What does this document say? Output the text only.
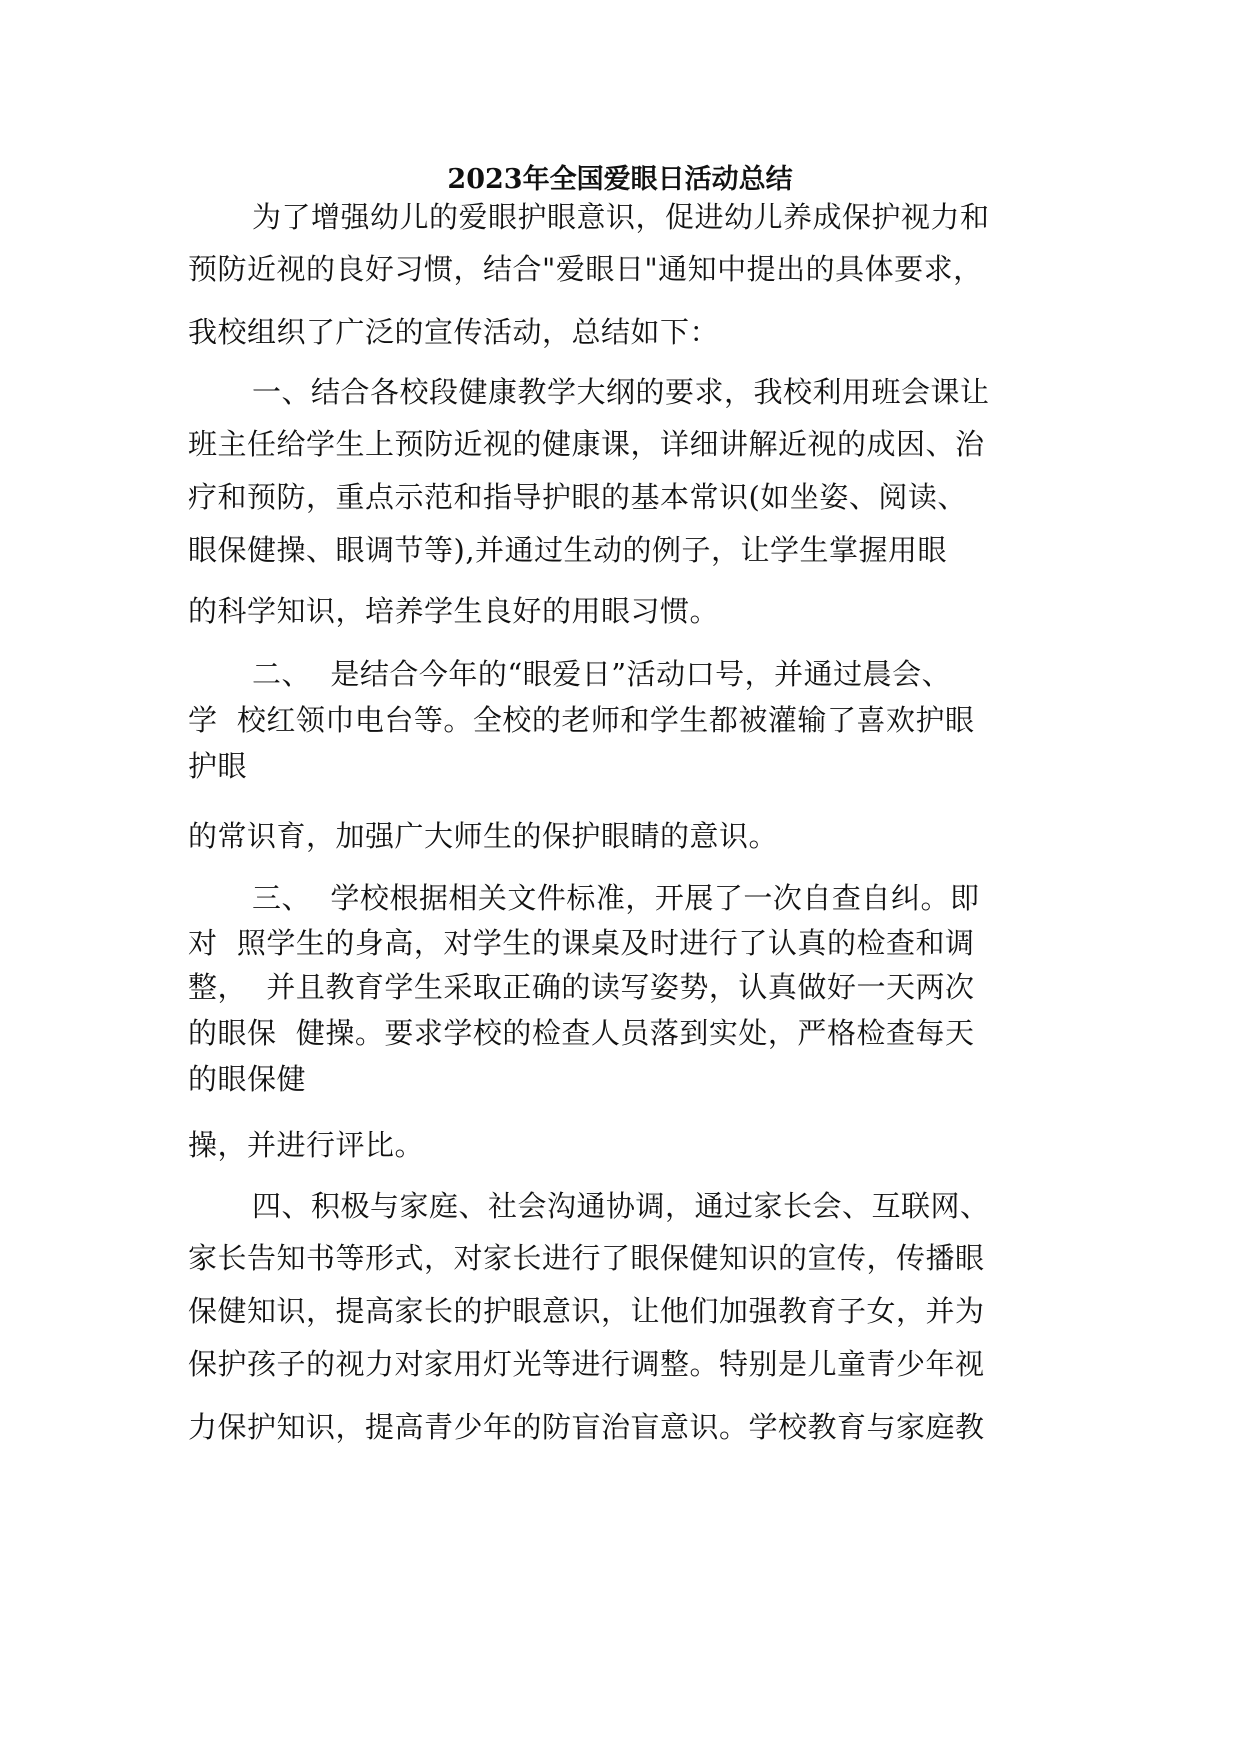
2023年全国爱眼日活动总结
为了增强幼儿的爱眼护眼意识，促进幼儿养成保护视力和
预防近视的良好习惯，结合"爱眼日"通知中提出的具体要求，
我校组织了广泛的宣传活动，总结如下：
一、结合各校段健康教学大纲的要求，我校利用班会课让
班主任给学生上预防近视的健康课，详细讲解近视的成因、治
疗和预防，重点示范和指导护眼的基本常识(如坐姿、阅读、
眼保健操、眼调节等),并通过生动的例子，让学生掌握用眼
的科学知识，培养学生良好的用眼习惯。
二、  是结合今年的“眼爱日”活动口号，并通过晨会、
学  校红领巾电台等。全校的老师和学生都被灌输了喜欢护眼
护眼
的常识育，加强广大师生的保护眼睛的意识。
三、  学校根据相关文件标准，开展了一次自查自纠。即
对  照学生的身高，对学生的课桌及时进行了认真的检查和调
整，  并且教育学生采取正确的读写姿势，认真做好一天两次
的眼保  健操。要求学校的检查人员落到实处，严格检查每天
的眼保健
操，并进行评比。
四、积极与家庭、社会沟通协调，通过家长会、互联网、
家长告知书等形式，对家长进行了眼保健知识的宣传，传播眼
保健知识，提高家长的护眼意识，让他们加强教育子女，并为
保护孩子的视力对家用灯光等进行调整。特别是儿童青少年视
力保护知识，提高青少年的防盲治盲意识。学校教育与家庭教
